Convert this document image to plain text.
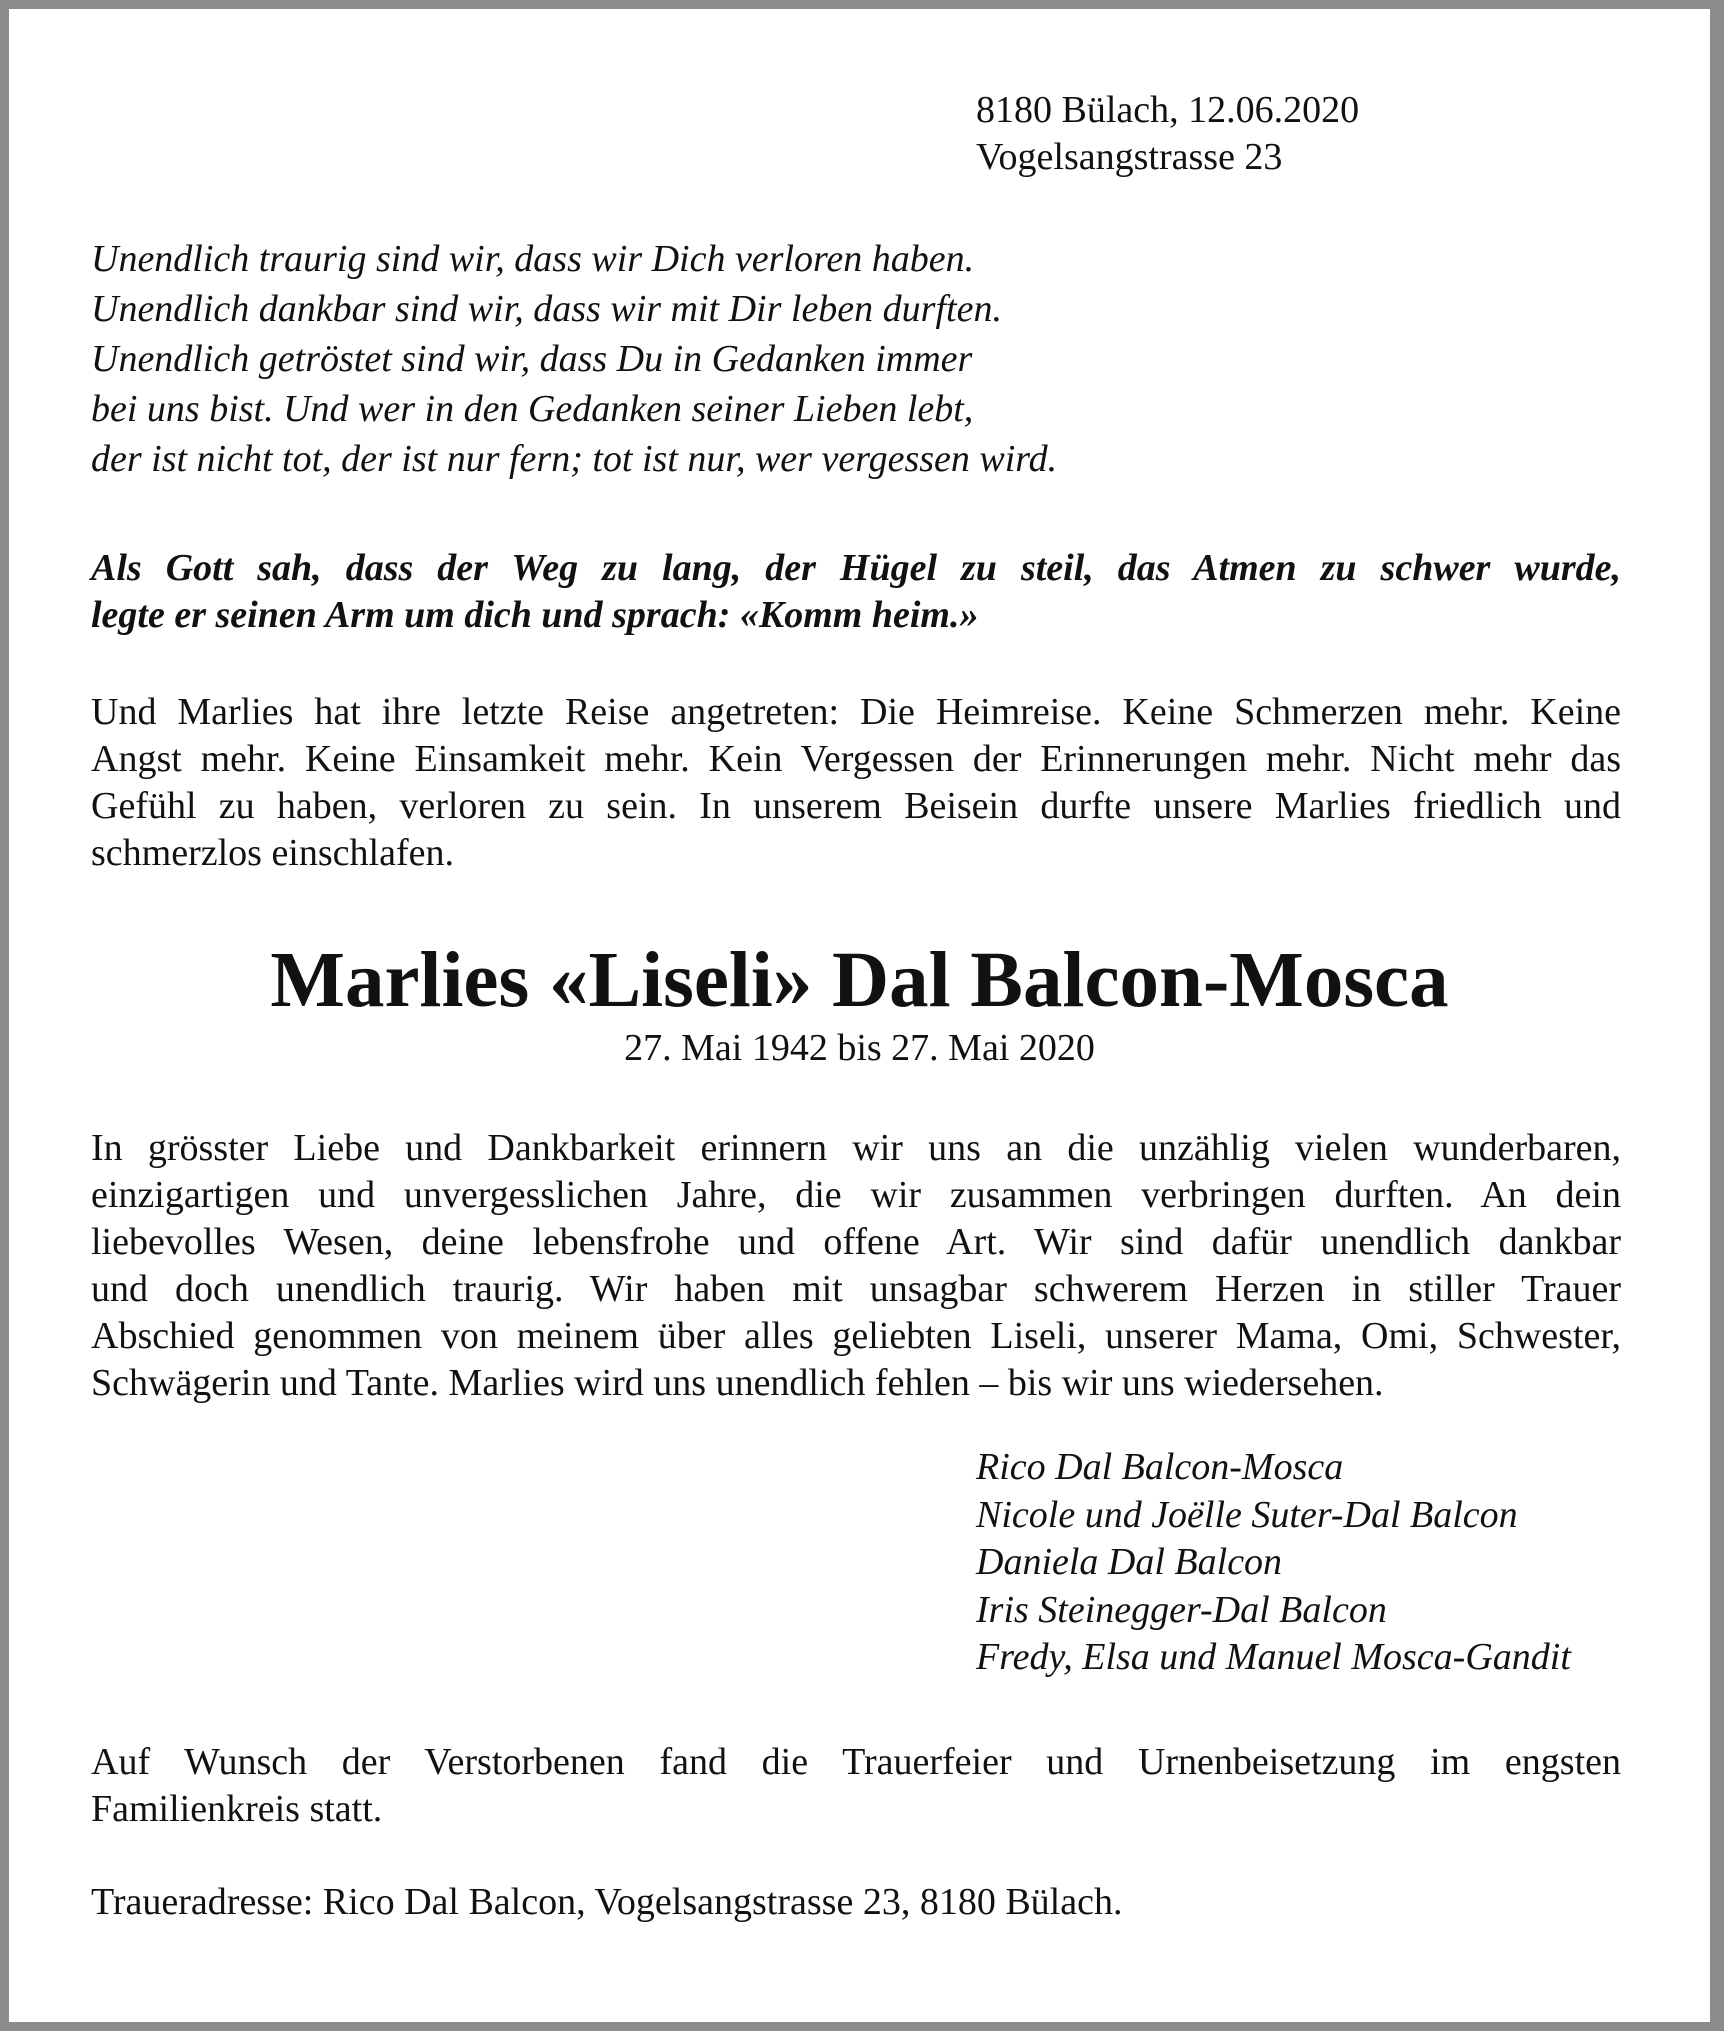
8180 Bülach, 12.06.2020
Vogelsangstrasse 23
Unendlich traurig sind wir, dass wir Dich verloren haben.
Unendlich dankbar sind wir, dass wir mit Dir leben durften.
Unendlich getröstet sind wir, dass Du in Gedanken immer
bei uns bist. Und wer in den Gedanken seiner Lieben lebt,
der ist nicht tot, der ist nur fern; tot ist nur, wer vergessen wird.
Als Gott sah, dass der Weg zu lang, der Hügel zu steil, das Atmen zu schwer wurde,
legte er seinen Arm um dich und sprach: «Komm heim.»
Und Marlies hat ihre letzte Reise angetreten: Die Heimreise. Keine Schmerzen mehr. Keine
Angst mehr. Keine Einsamkeit mehr. Kein Vergessen der Erinnerungen mehr. Nicht mehr das
Gefühl zu haben, verloren zu sein. In unserem Beisein durfte unsere Marlies friedlich und
schmerzlos einschlafen.
Marlies «Liseli» Dal Balcon-Mosca
27. Mai 1942 bis 27. Mai 2020
In grösster Liebe und Dankbarkeit erinnern wir uns an die unzählig vielen wunderbaren,
einzigartigen und unvergesslichen Jahre, die wir zusammen verbringen durften. An dein
liebevolles Wesen, deine lebensfrohe und offene Art. Wir sind dafür unendlich dankbar
und doch unendlich traurig. Wir haben mit unsagbar schwerem Herzen in stiller Trauer
Abschied genommen von meinem über alles geliebten Liseli, unserer Mama, Omi, Schwester,
Schwägerin und Tante. Marlies wird uns unendlich fehlen – bis wir uns wiedersehen.
Rico Dal Balcon-Mosca
Nicole und Joëlle Suter-Dal Balcon
Daniela Dal Balcon
Iris Steinegger-Dal Balcon
Fredy, Elsa und Manuel Mosca-Gandit
Auf Wunsch der Verstorbenen fand die Trauerfeier und Urnenbeisetzung im engsten
Familienkreis statt.
Traueradresse: Rico Dal Balcon, Vogelsangstrasse 23, 8180 Bülach.
